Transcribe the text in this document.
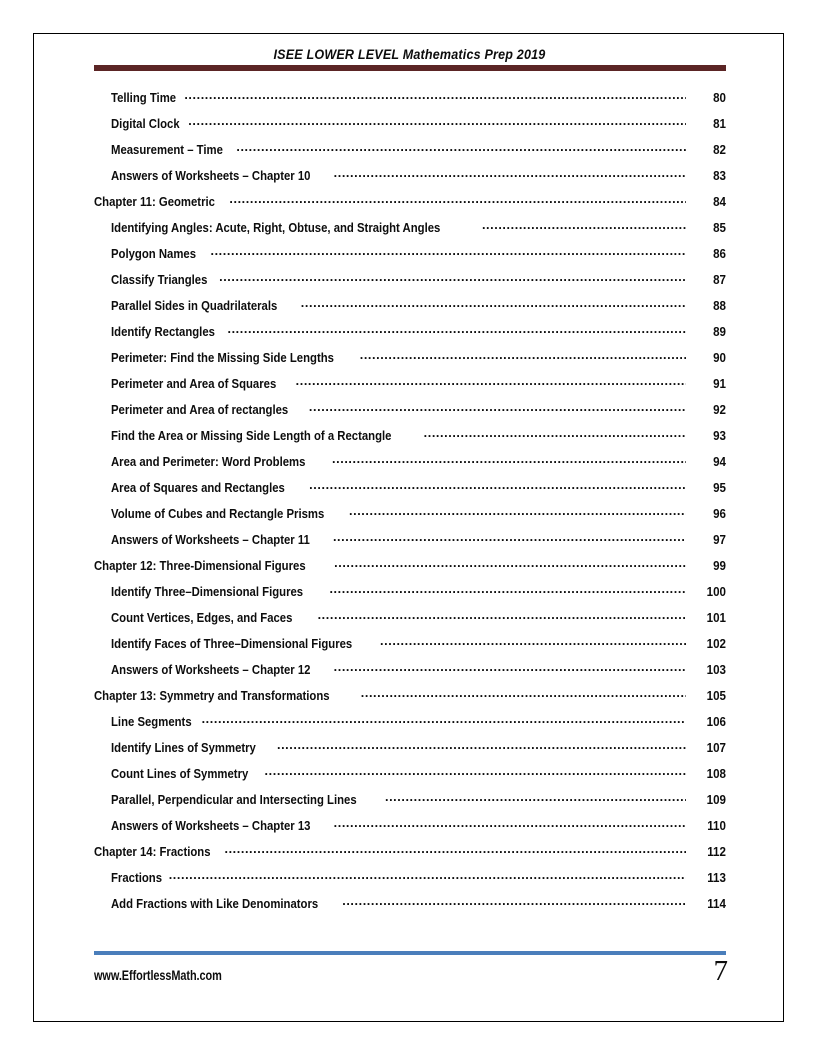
ISEE LOWER LEVEL Mathematics Prep 2019
Telling Time .....	80
Digital Clock .....	81
Measurement – Time .....	82
Answers of Worksheets – Chapter 10 .....	83
Chapter 11: Geometric .....	84
Identifying Angles: Acute, Right, Obtuse, and Straight Angles .....	85
Polygon Names .....	86
Classify Triangles .....	87
Parallel Sides in Quadrilaterals .....	88
Identify Rectangles .....	89
Perimeter: Find the Missing Side Lengths .....	90
Perimeter and Area of Squares .....	91
Perimeter and Area of rectangles .....	92
Find the Area or Missing Side Length of a Rectangle .....	93
Area and Perimeter: Word Problems .....	94
Area of Squares and Rectangles .....	95
Volume of Cubes and Rectangle Prisms .....	96
Answers of Worksheets – Chapter 11 .....	97
Chapter 12: Three-Dimensional Figures .....	99
Identify Three–Dimensional Figures .....	100
Count Vertices, Edges, and Faces .....	101
Identify Faces of Three–Dimensional Figures .....	102
Answers of Worksheets – Chapter 12 .....	103
Chapter 13: Symmetry and Transformations .....	105
Line Segments .....	106
Identify Lines of Symmetry .....	107
Count Lines of Symmetry .....	108
Parallel, Perpendicular and Intersecting Lines .....	109
Answers of Worksheets – Chapter 13 .....	110
Chapter 14: Fractions .....	112
Fractions .....	113
Add Fractions with Like Denominators .....	114
www.EffortlessMath.com	7
